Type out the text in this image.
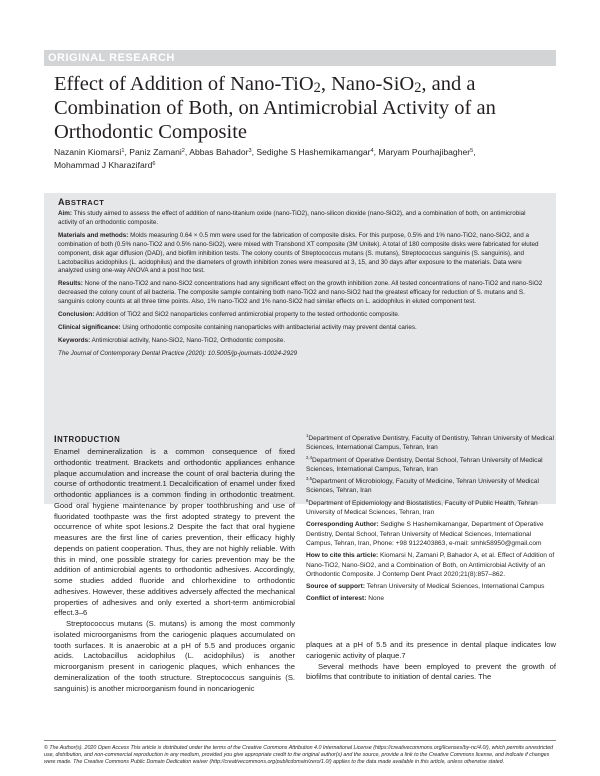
ORIGINAL RESEARCH
Effect of Addition of Nano-TiO$_2$, Nano-SiO$_2$, and a Combination of Both, on Antimicrobial Activity of an Orthodontic Composite

Nazanin Kiomarsi$^1$, Paniz Zamani$^2$, Abbas Bahador$^3$, Sedighe S Hashemikamangar$^4$, Maryam Pourhajibagher$^5$,
Mohammad J Kharazifard$^6$

ABSTRACT

Aim: This study aimed to assess the effect of addition of nano-titanium oxide (nano-TiO2), nano-silicon dioxide (nano-SiO2), and a combination of both, on antimicrobial activity of an orthodontic composite.

Materials and methods: Molds measuring 0.64 × 0.5 mm were used for the fabrication of composite disks. For this purpose, 0.5% and 1% nano-TiO2, nano-SiO2, and a combination of both (0.5% nano-TiO2 and 0.5% nano-SiO2), were mixed with Transbond XT composite (3M Unitek). A total of 180 composite disks were fabricated for eluted component, disk agar diffusion (DAD), and biofilm inhibition tests. The colony counts of Streptococcus mutans (S. mutans), Streptococcus sanguinis (S. sanguinis), and Lactobacillus acidophilus (L. acidophilus) and the diameters of growth inhibition zones were measured at 3, 15, and 30 days after exposure to the materials. Data were analyzed using one-way ANOVA and a post hoc test.

Results: None of the nano-TiO2 and nano-SiO2 concentrations had any significant effect on the growth inhibition zone. All tested concentrations of nano-TiO2 and nano-SiO2 decreased the colony count of all bacteria. The composite sample containing both nano-TiO2 and nano-SiO2 had the greatest efficacy for reduction of S. mutans and S. sanguinis colony counts at all three time points. Also, 1% nano-TiO2 and 1% nano-SiO2 had similar effects on L. acidophilus in eluted component test.

Conclusion: Addition of TiO2 and SiO2 nanoparticles conferred antimicrobial property to the tested orthodontic composite.

Clinical significance: Using orthodontic composite containing nanoparticles with antibacterial activity may prevent dental caries.

Keywords: Antimicrobial activity, Nano-SiO2, Nano-TiO2, Orthodontic composite.

The Journal of Contemporary Dental Practice (2020): 10.5005/jp-journals-10024-2929

INTRODUCTION

Enamel demineralization is a common consequence of fixed orthodontic treatment. Brackets and orthodontic appliances enhance plaque accumulation and increase the count of oral bacteria during the course of orthodontic treatment.1 Decalcification of enamel under fixed orthodontic appliances is a common finding in orthodontic treatment. Good oral hygiene maintenance by proper toothbrushing and use of fluoridated toothpaste was the first adopted strategy to prevent the occurrence of white spot lesions.2 Despite the fact that oral hygiene measures are the first line of caries prevention, their efficacy highly depends on patient cooperation. Thus, they are not highly reliable. With this in mind, one possible strategy for caries prevention may be the addition of antimicrobial agents to orthodontic adhesives. Accordingly, some studies added fluoride and chlorhexidine to orthodontic adhesives. However, these additives adversely affected the mechanical properties of adhesives and only exerted a short-term antimicrobial effect.3–6

Streptococcus mutans (S. mutans) is among the most commonly isolated microorganisms from the cariogenic plaques accumulated on tooth surfaces. It is anaerobic at a pH of 5.5 and produces organic acids. Lactobacillus acidophilus (L. acidophilus) is another microorganism present in cariogenic plaques, which enhances the demineralization of the tooth structure. Streptococcus sanguinis (S. sanguinis) is another microorganism found in noncariogenic

$^1$Department of Operative Dentistry, Faculty of Dentistry, Tehran University of Medical Sciences, International Campus, Tehran, Iran

$^{2,4}$Department of Operative Dentistry, Dental School, Tehran University of Medical Sciences, International Campus, Tehran, Iran

$^{3,5}$Department of Microbiology, Faculty of Medicine, Tehran University of Medical Sciences, Tehran, Iran

$^6$Department of Epidemiology and Biostatistics, Faculty of Public Health, Tehran University of Medical Sciences, Tehran, Iran

Corresponding Author: Sedighe S Hashemikamangar, Department of Operative Dentistry, Dental School, Tehran University of Medical Sciences, International Campus, Tehran, Iran, Phone: +98 9122403863, e-mail: smhk58950@gmail.com

How to cite this article: Kiomarsi N, Zamani P, Bahador A, et al. Effect of Addition of Nano-TiO2, Nano-SiO2, and a Combination of Both, on Antimicrobial Activity of an Orthodontic Composite. J Contemp Dent Pract 2020;21(8):857–862.

Source of support: Tehran University of Medical Sciences, International Campus

Conflict of interest: None

plaques at a pH of 5.5 and its presence in dental plaque indicates low cariogenic activity of plaque.7

Several methods have been employed to prevent the growth of biofilms that contribute to initiation of dental caries. The

© The Author(s). 2020 Open Access This article is distributed under the terms of the Creative Commons Attribution 4.0 International License (https://creativecommons.org/licenses/by-nc/4.0/), which permits unrestricted use, distribution, and non-commercial reproduction in any medium, provided you give appropriate credit to the original author(s) and the source, provide a link to the Creative Commons license, and indicate if changes were made. The Creative Commons Public Domain Dedication waiver (http://creativecommons.org/publicdomain/zero/1.0/) applies to the data made available in this article, unless otherwise stated.
